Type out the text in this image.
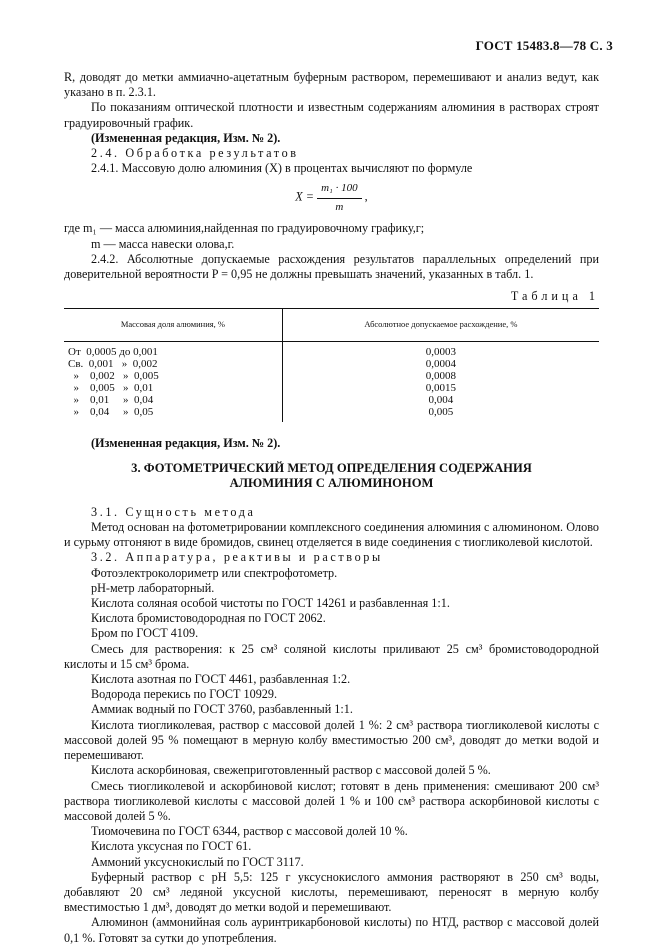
ГОСТ 15483.8—78 С. 3

R, доводят до метки аммиачно-ацетатным буферным раствором, перемешивают и анализ ведут, как указано в п. 2.3.1.

По показаниям оптической плотности и известным содержаниям алюминия в растворах строят градуировочный график.

(Измененная редакция, Изм. № 2).

2.4. Обработка результатов

2.4.1. Массовую долю алюминия (X) в процентах вычисляют по формуле

$X = \frac{\text{m₁ · 100}}{m}$ ,

где m₁ — масса алюминия,найденная по градуировочному графику,г;

m — масса навески олова,г.

2.4.2. Абсолютные допускаемые расхождения результатов параллельных определений при доверительной вероятности P = 0,95 не должны превышать значений, указанных в табл. 1.

Таблица 1
Массовая доля алюминия, %	Абсолютное допускаемое расхождение, %
От  0,0005 до 0,001	0,0003
Св.  0,001   »  0,002	0,0004
»    0,002   »  0,005	0,0008
»    0,005   »  0,01	0,0015
»    0,01     »  0,04	0,004
»    0,04     »  0,05	0,005

(Измененная редакция, Изм. № 2).

3. ФОТОМЕТРИЧЕСКИЙ МЕТОД ОПРЕДЕЛЕНИЯ СОДЕРЖАНИЯ
АЛЮМИНИЯ С АЛЮМИНОНОМ

3.1. Сущность метода

Метод основан на фотометрировании комплексного соединения алюминия с алюминоном. Олово и сурьму отгоняют в виде бромидов, свинец отделяется в виде соединения с тиогликолевой кислотой.

3.2. Аппаратура, реактивы и растворы

Фотоэлектроколориметр или спектрофотометр.

pH-метр лабораторный.

Кислота соляная особой чистоты по ГОСТ 14261 и разбавленная 1:1.

Кислота бромистоводородная по ГОСТ 2062.

Бром по ГОСТ 4109.

Смесь для растворения: к 25 см³ соляной кислоты приливают 25 см³ бромистоводородной кислоты и 15 см³ брома.

Кислота азотная по ГОСТ 4461, разбавленная 1:2.

Водорода перекись по ГОСТ 10929.

Аммиак водный по ГОСТ 3760, разбавленный 1:1.

Кислота тиогликолевая, раствор с массовой долей 1 %: 2 см³ раствора тиогликолевой кислоты с массовой долей 95 % помещают в мерную колбу вместимостью 200 см³, доводят до метки водой и перемешивают.

Кислота аскорбиновая, свежеприготовленный раствор с массовой долей 5 %.

Смесь тиогликолевой и аскорбиновой кислот; готовят в день применения: смешивают 200 см³ раствора тиогликолевой кислоты с массовой долей 1 % и 100 см³ раствора аскорбиновой кислоты с массовой долей 5 %.

Тиомочевина по ГОСТ 6344, раствор с массовой долей 10 %.

Кислота уксусная по ГОСТ 61.

Аммоний уксуснокислый по ГОСТ 3117.

Буферный раствор с pH 5,5: 125 г уксуснокислого аммония растворяют в 250 см³ воды, добавляют 20 см³ ледяной уксусной кислоты, перемешивают, переносят в мерную колбу вместимостью 1 дм³, доводят до метки водой и перемешивают.

Алюминон (аммонийная соль ауринтрикарбоновой кислоты) по НТД, раствор с массовой долей 0,1 %. Готовят за сутки до употребления.
